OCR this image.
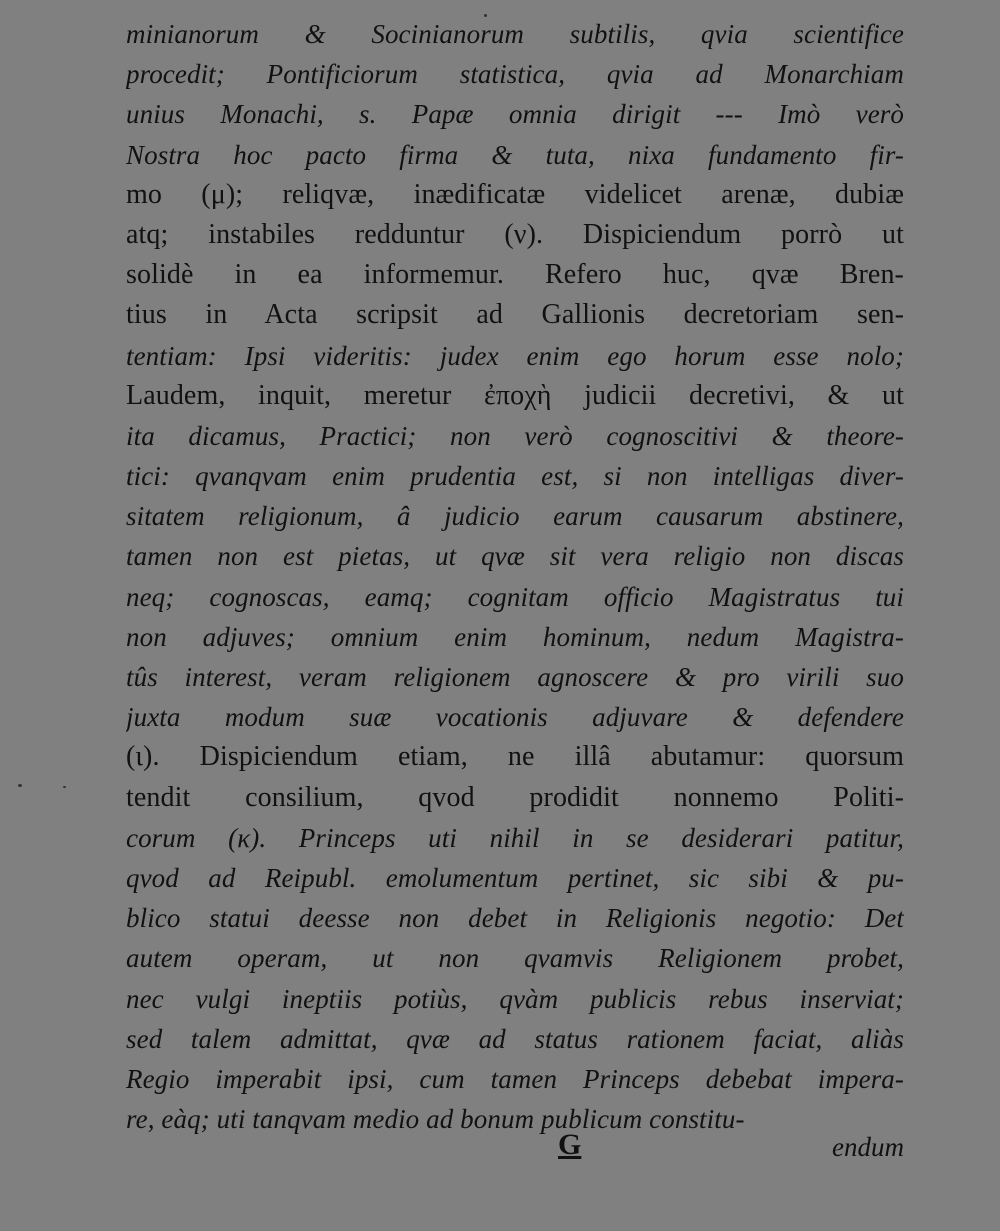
minianorum & Socinianorum subtilis, qvia scientifice
procedit; Pontificiorum statistica, qvia ad Monarchiam
unius Monachi, s. Papæ omnia dirigit --- Imò verò
Nostra hoc pacto firma & tuta, nixa fundamento fir-
mo (μ); reliqvæ, inædificatæ videlicet arenæ, dubiæ
atq; instabiles redduntur (ν). Dispiciendum porrò ut
solidè in ea informemur. Refero huc, qvæ Bren-
tius in Acta scripsit ad Gallionis decretoriam sen-
tentiam: Ipsi videritis: judex enim ego horum esse nolo;
Laudem, inquit, meretur ἐποχὴ judicii decretivi, & ut
ita dicamus, Practici; non verò cognoscitivi & theore-
tici: qvanqvam enim prudentia est, si non intelligas diver-
sitatem religionum, â judicio earum causarum abstinere,
tamen non est pietas, ut qvæ sit vera religio non discas
neq; cognoscas, eamq; cognitam officio Magistratus tui
non adjuves; omnium enim hominum, nedum Magistra-
tûs interest, veram religionem agnoscere & pro virili suo
juxta modum suæ vocationis adjuvare & defendere
(ι). Dispiciendum etiam, ne illâ abutamur: quorsum
tendit consilium, qvod prodidit nonnemo Politi-
corum (κ). Princeps uti nihil in se desiderari patitur,
qvod ad Reipubl. emolumentum pertinet, sic sibi & pu-
blico statui deesse non debet in Religionis negotio: Det
autem operam, ut non qvamvis Religionem probet,
nec vulgi ineptiis potiùs, qvàm publicis rebus inserviat;
sed talem admittat, qvæ ad status rationem faciat, aliàs
Regio imperabit ipsi, cum tamen Princeps debebat impera-
re, eàq; uti tanqvam medio ad bonum publicum constitu-
G	endum
